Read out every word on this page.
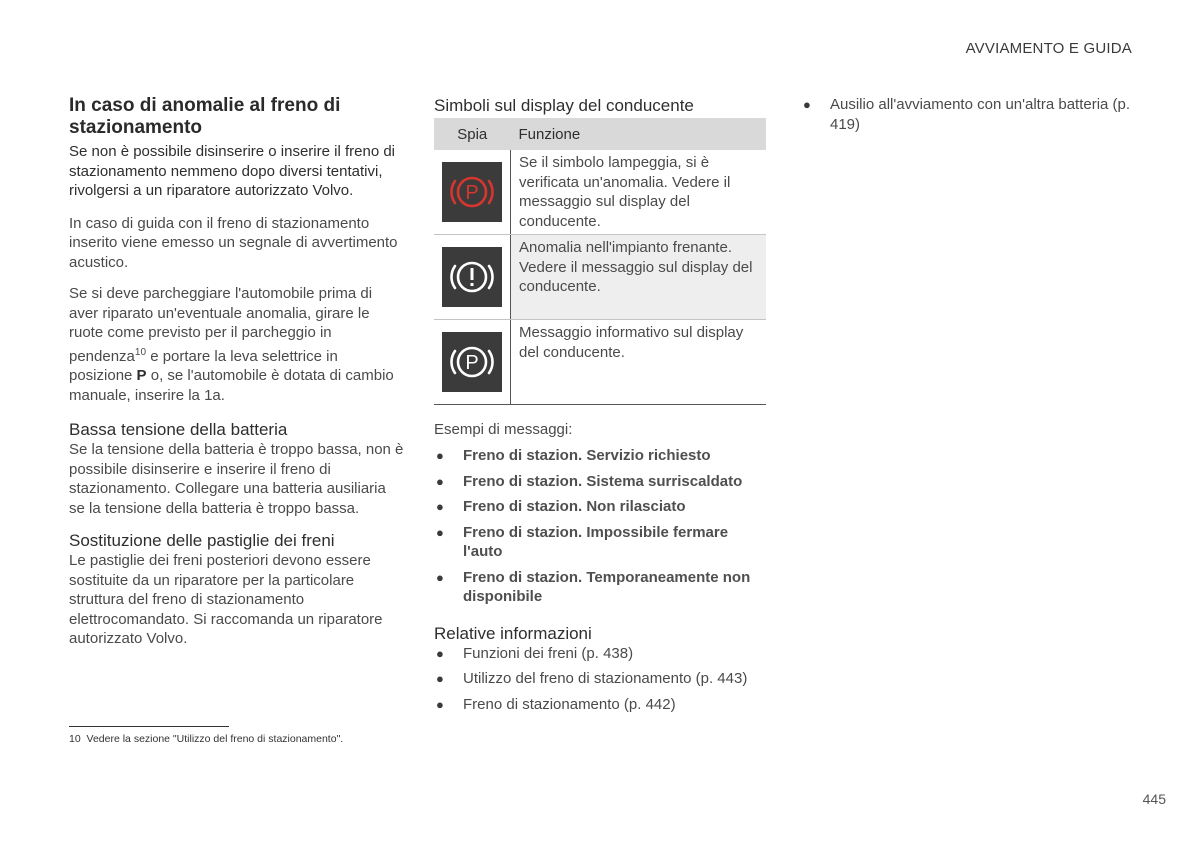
AVVIAMENTO E GUIDA
In caso di anomalie al freno di stazionamento

Se non è possibile disinserire o inserire il freno di stazionamento nemmeno dopo diversi tentativi, rivolgersi a un riparatore autorizzato Volvo.

In caso di guida con il freno di stazionamento inserito viene emesso un segnale di avvertimento acustico.

Se si deve parcheggiare l'automobile prima di aver riparato un'eventuale anomalia, girare le ruote come previsto per il parcheggio in pendenza$^{10}$ e portare la leva selettrice in posizione P o, se l'automobile è dotata di cambio manuale, inserire la 1a.

Bassa tensione della batteria

Se la tensione della batteria è troppo bassa, non è possibile disinserire e inserire il freno di stazionamento. Collegare una batteria ausiliaria se la tensione della batteria è troppo bassa.

Sostituzione delle pastiglie dei freni

Le pastiglie dei freni posteriori devono essere sostituite da un riparatore per la particolare struttura del freno di stazionamento elettrocomandato. Si raccomanda un riparatore autorizzato Volvo.

Simboli sul display del conducente
Spia	Funzione

P	Se il simbolo lampeggia, si è verificata un'anomalia. Vedere il messaggio sul display del conducente.

	Anomalia nell'impianto frenante. Vedere il messaggio sul display del conducente.

P	Messaggio informativo sul display del conducente.
Esempi di messaggi:
● Freno di stazion. Servizio richiesto
● Freno di stazion. Sistema surriscaldato
● Freno di stazion. Non rilasciato
● Freno di stazion. Impossibile fermare l'auto
● Freno di stazion. Temporaneamente non disponibile
Relative informazioni
● Funzioni dei freni (p. 438)
● Utilizzo del freno di stazionamento (p. 443)
● Freno di stazionamento (p. 442)
● Ausilio all'avviamento con un'altra batteria (p. 419)
10 Vedere la sezione "Utilizzo del freno di stazionamento".
445
